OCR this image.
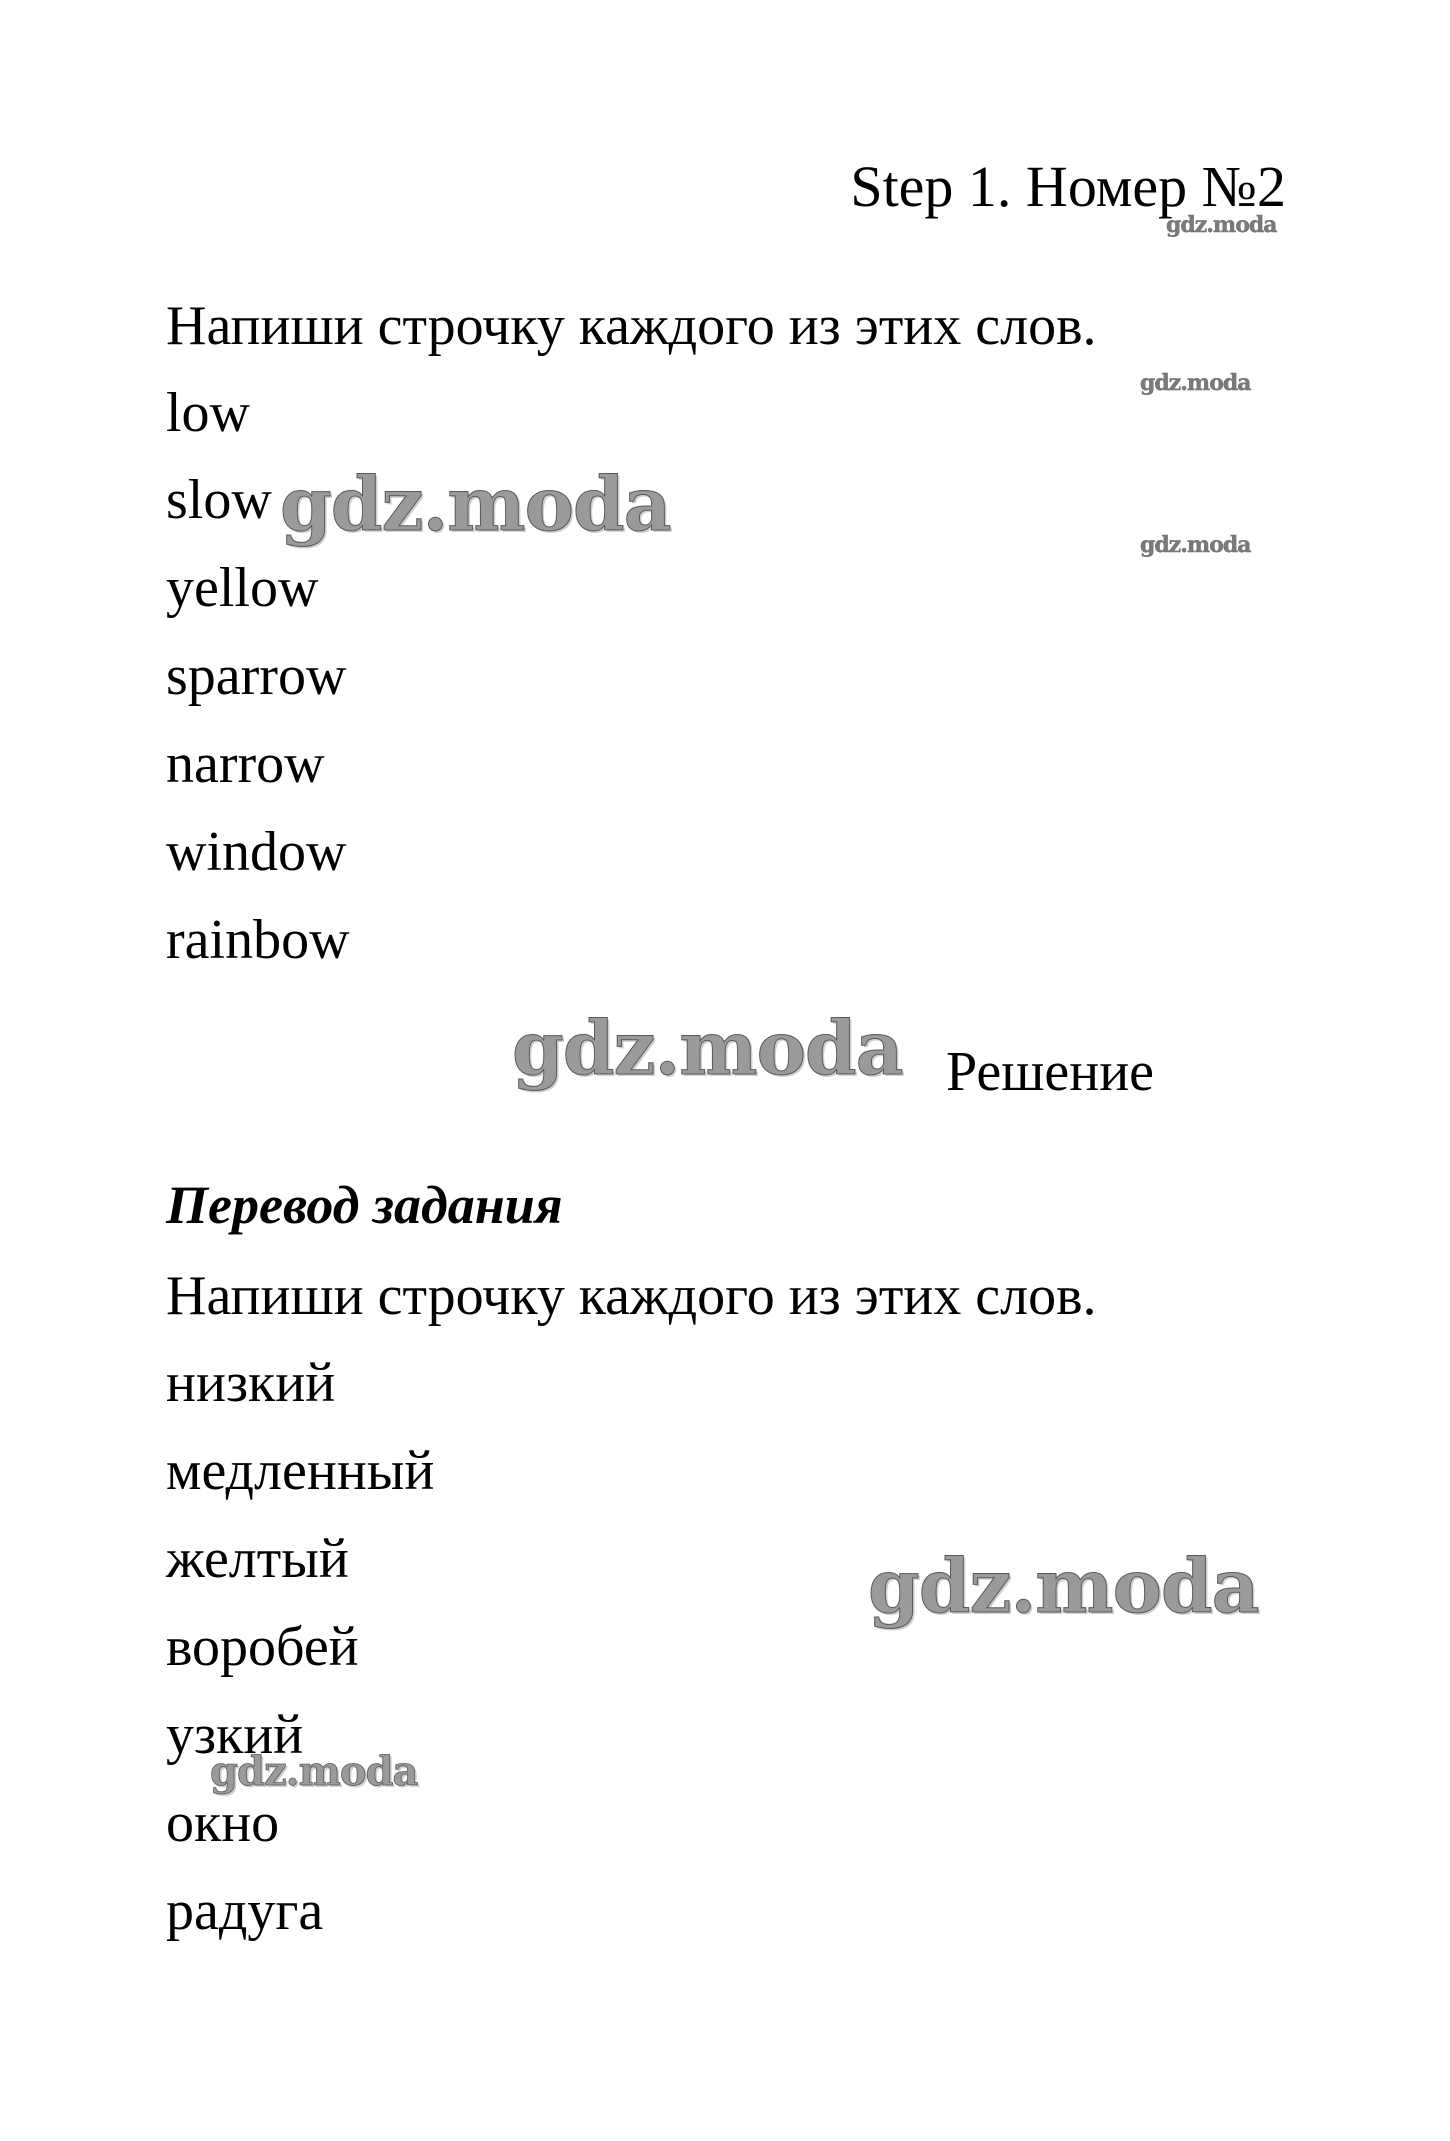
Step 1. Номер №2
Напиши строчку каждого из этих слов.
low
slow
yellow
sparrow
narrow
window
rainbow
Решение
Перевод задания
Напиши строчку каждого из этих слов.
низкий
медленный
желтый
воробей
узкий
окно
радуга
gdz.moda
gdz.moda
gdz.moda
gdz.moda
gdz.moda
gdz.moda
gdz.moda
